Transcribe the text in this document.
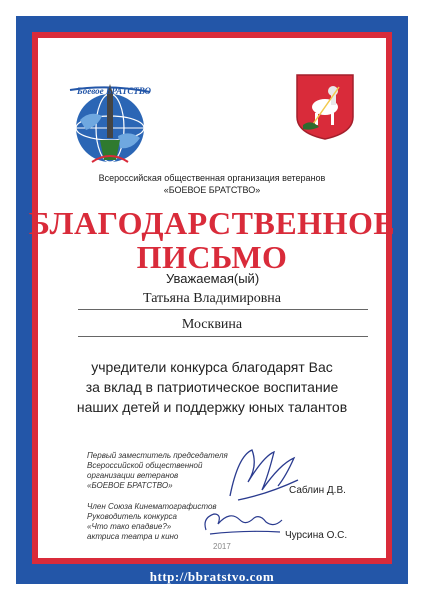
Боевое БРАТСТВО
Всероссийская общественная организация ветеранов
«БОЕВОЕ БРАТСТВО»
БЛАГОДАРСТВЕННОЕ
ПИСЬМО
Уважаемая(ый)
Татьяна Владимировна
Москвина
учредители конкурса благодарят Вас
за вклад в патриотическое воспитание
наших детей и поддержку юных талантов
Первый заместитель председателя
Всероссийской общественной
организации ветеранов
«БОЕВОЕ БРАТСТВО»	Саблин Д.В.
Член Союза Кинематографистов
Руководитель конкурса
«Что тако епадвие?»
актриса театра и кино	Чурсина О.С.
2017
http://bbratstvo.com
